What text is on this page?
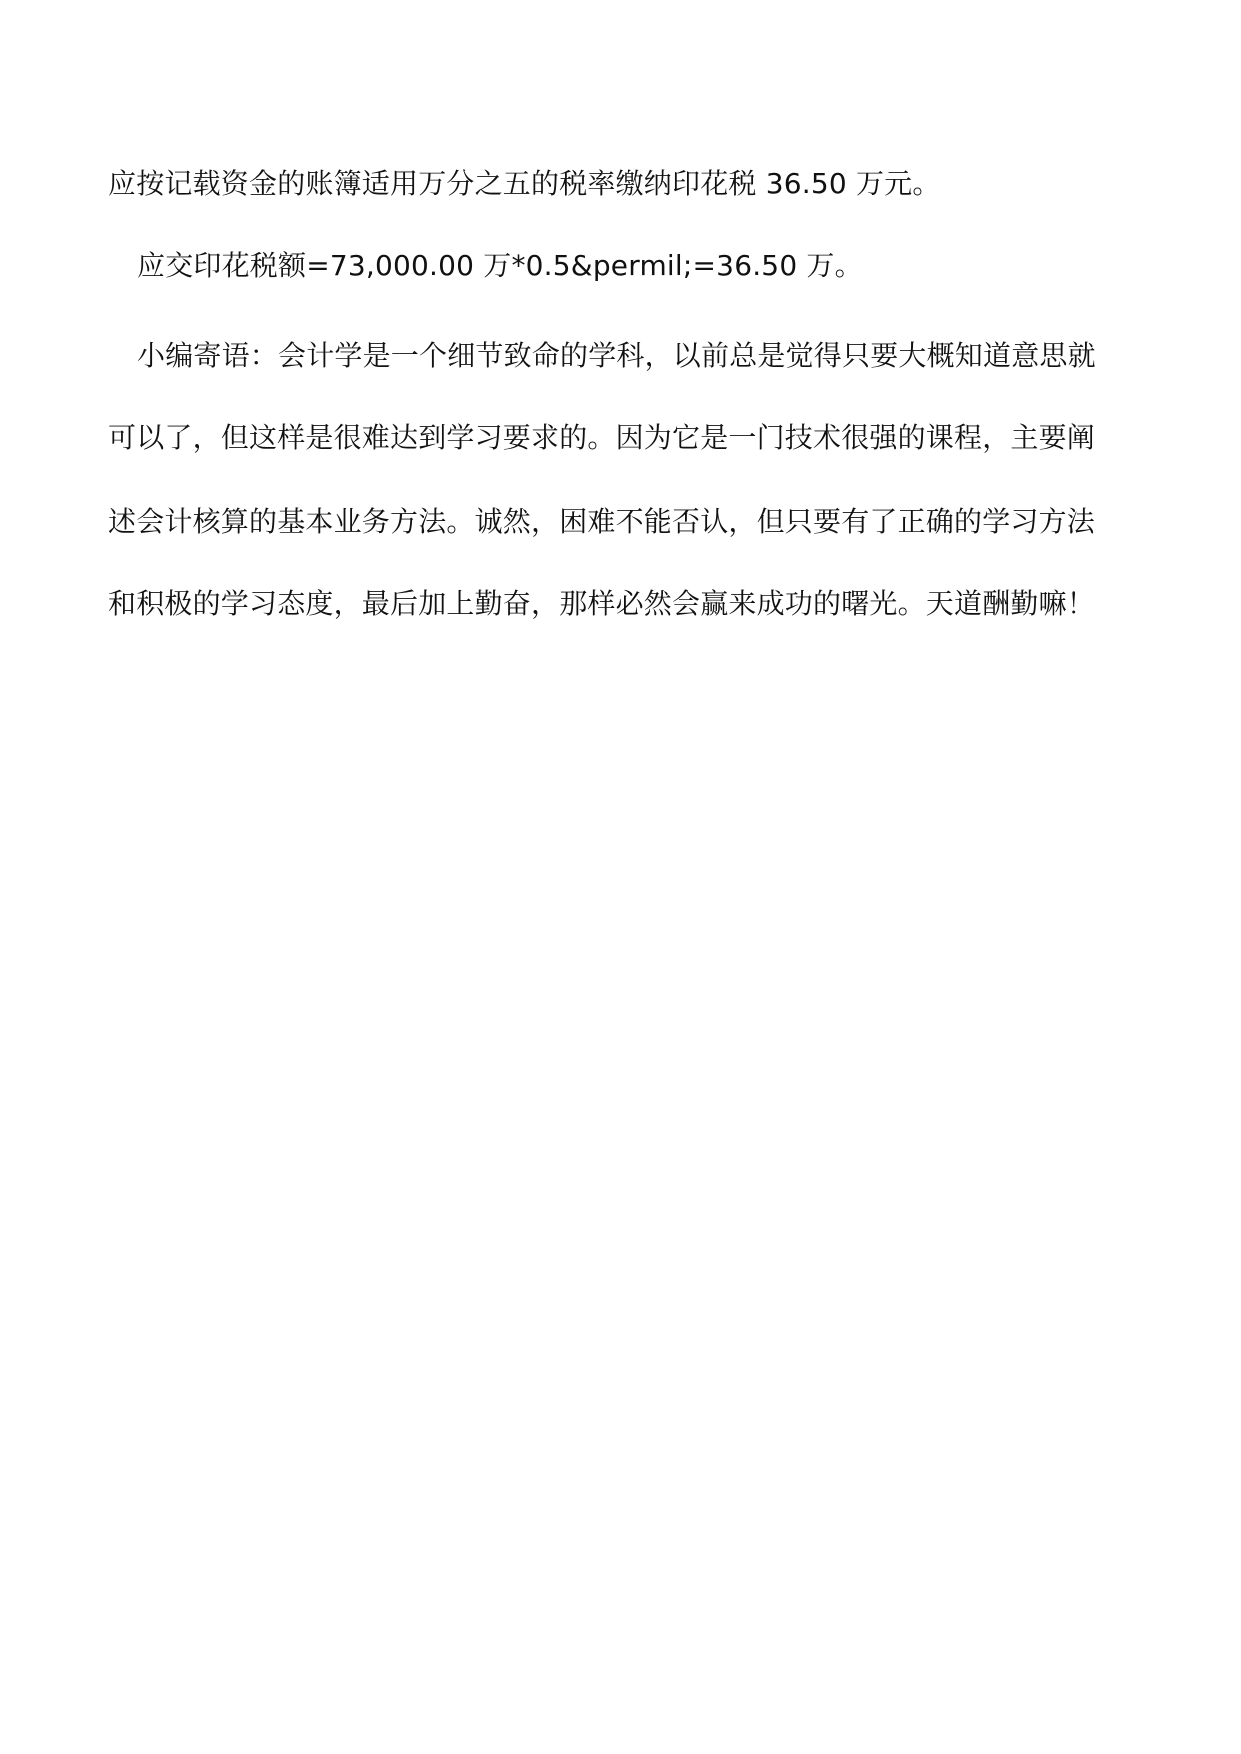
应按记载资金的账簿适用万分之五的税率缴纳印花税 36.50 万元。
应交印花税额=73,000.00 万*0.5&permil;=36.50 万。
小编寄语：会计学是一个细节致命的学科，以前总是觉得只要大概知道意思就
可以了，但这样是很难达到学习要求的。因为它是一门技术很强的课程，主要阐
述会计核算的基本业务方法。诚然，困难不能否认，但只要有了正确的学习方法
和积极的学习态度，最后加上勤奋，那样必然会赢来成功的曙光。天道酬勤嘛！
